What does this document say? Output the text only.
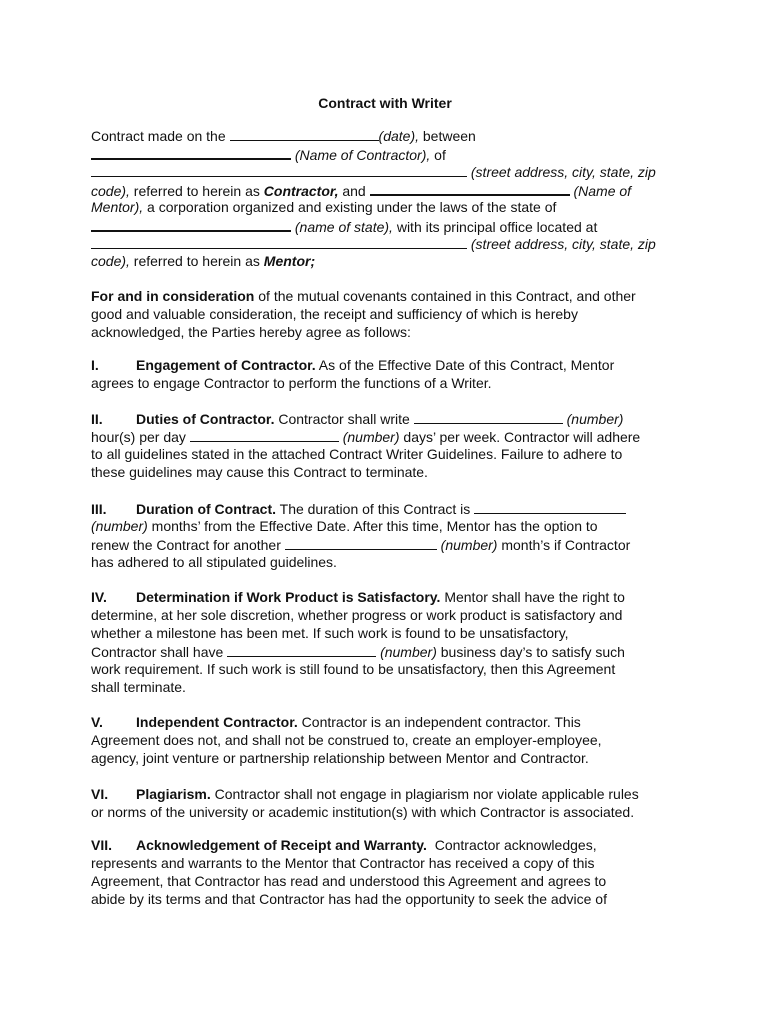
Contract with Writer
Contract made on the	(date), between
(Name of Contractor), of
(street address, city, state, zip
code), referred to herein as Contractor, and	(Name of
Mentor), a corporation organized and existing under the laws of the state of
(name of state), with its principal office located at
(street address, city, state, zip
code), referred to herein as Mentor;
For and in consideration of the mutual covenants contained in this Contract, and other
good and valuable consideration, the receipt and sufficiency of which is hereby
acknowledged, the Parties hereby agree as follows:
I.	Engagement of Contractor. As of the Effective Date of this Contract, Mentor
agrees to engage Contractor to perform the functions of a Writer.
II. Duties of Contractor. Contractor shall write	(number)
hour(s) per day	(number) days’ per week. Contractor will adhere
to all guidelines stated in the attached Contract Writer Guidelines. Failure to adhere to
these guidelines may cause this Contract to terminate.
III. Duration of Contract. The duration of this Contract is
(number) months’ from the Effective Date. After this time, Mentor has the option to
renew the Contract for another	(number) month’s if Contractor
has adhered to all stipulated guidelines.
IV. Determination if Work Product is Satisfactory. Mentor shall have the right to
determine, at her sole discretion, whether progress or work product is satisfactory and
whether a milestone has been met. If such work is found to be unsatisfactory,
Contractor shall have	(number) business day’s to satisfy such
work requirement. If such work is still found to be unsatisfactory, then this Agreement
shall terminate.
V. Independent Contractor. Contractor is an independent contractor. This
Agreement does not, and shall not be construed to, create an employer-employee,
agency, joint venture or partnership relationship between Mentor and Contractor.
VI. Plagiarism. Contractor shall not engage in plagiarism nor violate applicable rules
or norms of the university or academic institution(s) with which Contractor is associated.
VII. Acknowledgement of Receipt and Warranty.  Contractor acknowledges,
represents and warrants to the Mentor that Contractor has received a copy of this
Agreement, that Contractor has read and understood this Agreement and agrees to
abide by its terms and that Contractor has had the opportunity to seek the advice of
